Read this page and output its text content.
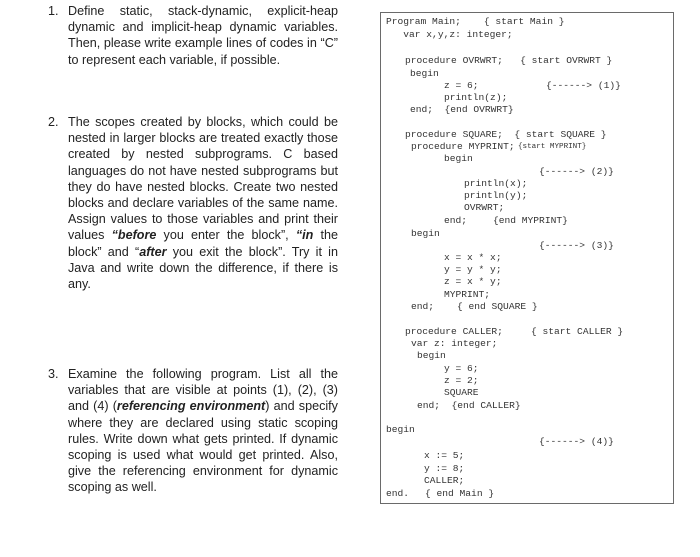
1. Define static, stack-dynamic, explicit-heap dynamic and implicit-heap dynamic variables. Then, please write example lines of codes in “C” to represent each variable, if possible.

2. The scopes created by blocks, which could be nested in larger blocks are treated exactly those created by nested subprograms. C based languages do not have nested subprograms but they do have nested blocks. Create two nested blocks and declare variables of the same name. Assign values to those variables and print their values “before you enter the block”, “in the block” and “after you exit the block”. Try it in Java and write down the difference, if there is any.

3. Examine the following program. List all the variables that are visible at points (1), (2), (3) and (4) (referencing environment) and specify where they are declared using static scoping rules. Write down what gets printed. If dynamic scoping is used what would get printed. Also, give the referencing environment for dynamic scoping as well.

Program Main;    { start Main }
var x,y,z: integer;
procedure OVRWRT;   { start OVRWRT }
begin
z = 6;	{------> (1)}
println(z);
end;  {end OVRWRT}
procedure SQUARE;  { start SQUARE }
procedure MYPRINT; {start MYPRINT}
begin
{------> (2)}
println(x);
println(y);
OVRWRT;
end;	{end MYPRINT}
begin
{------> (3)}
x = x * x;
y = y * y;
z = x * y;
MYPRINT;
end; { end SQUARE }
procedure CALLER;	{ start CALLER }
var z: integer;
begin
y = 6;
z = 2;
SQUARE
end;  {end CALLER}
begin
{------> (4)}
x := 5;
y := 8;
CALLER;
end. { end Main }
